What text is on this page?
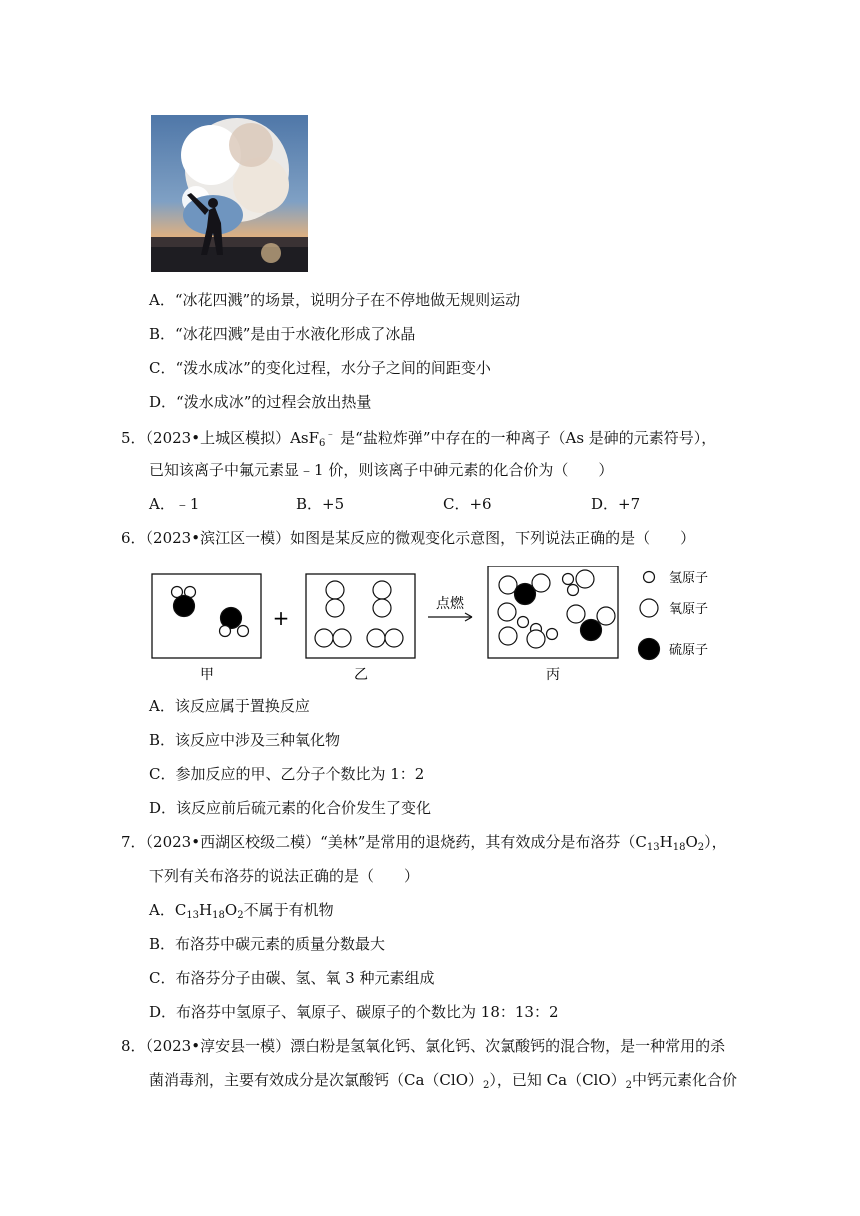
A．“冰花四溅”的场景，说明分子在不停地做无规则运动
B．“冰花四溅”是由于水液化形成了冰晶
C．“泼水成冰”的变化过程，水分子之间的间距变小
D．“泼水成冰”的过程会放出热量
5．（2023•上城区模拟）AsF$_6$﹣ 是“盐粒炸弹”中存在的一种离子（As 是砷的元素符号），
已知该离子中氟元素显﹣1 价，则该离子中砷元素的化合价为（　　）
A．﹣1	B．+5	C．+6	D．+7
6．（2023•滨江区一模）如图是某反应的微观变化示意图，下列说法正确的是（　　）
+
点燃
甲	乙	丙
氢原子
氧原子
硫原子
A．该反应属于置换反应
B．该反应中涉及三种氧化物
C．参加反应的甲、乙分子个数比为 1：2
D．该反应前后硫元素的化合价发生了变化
7．（2023•西湖区校级二模）“美林”是常用的退烧药，其有效成分是布洛芬$(C_{13}H_{18}O_2)$，
下列有关布洛芬的说法正确的是（　　）
A．$C_{13}H_{18}O_2$不属于有机物
B．布洛芬中碳元素的质量分数最大
C．布洛芬分子由碳、氢、氧 3 种元素组成
D．布洛芬中氢原子、氧原子、碳原子的个数比为 18：13：2
8．（2023•淳安县一模）漂白粉是氢氧化钙、氯化钙、次氯酸钙的混合物，是一种常用的杀
菌消毒剂，主要有效成分是次氯酸钙$(Ca(ClO)_2)$，已知 $Ca(ClO)_2$中钙元素化合价
